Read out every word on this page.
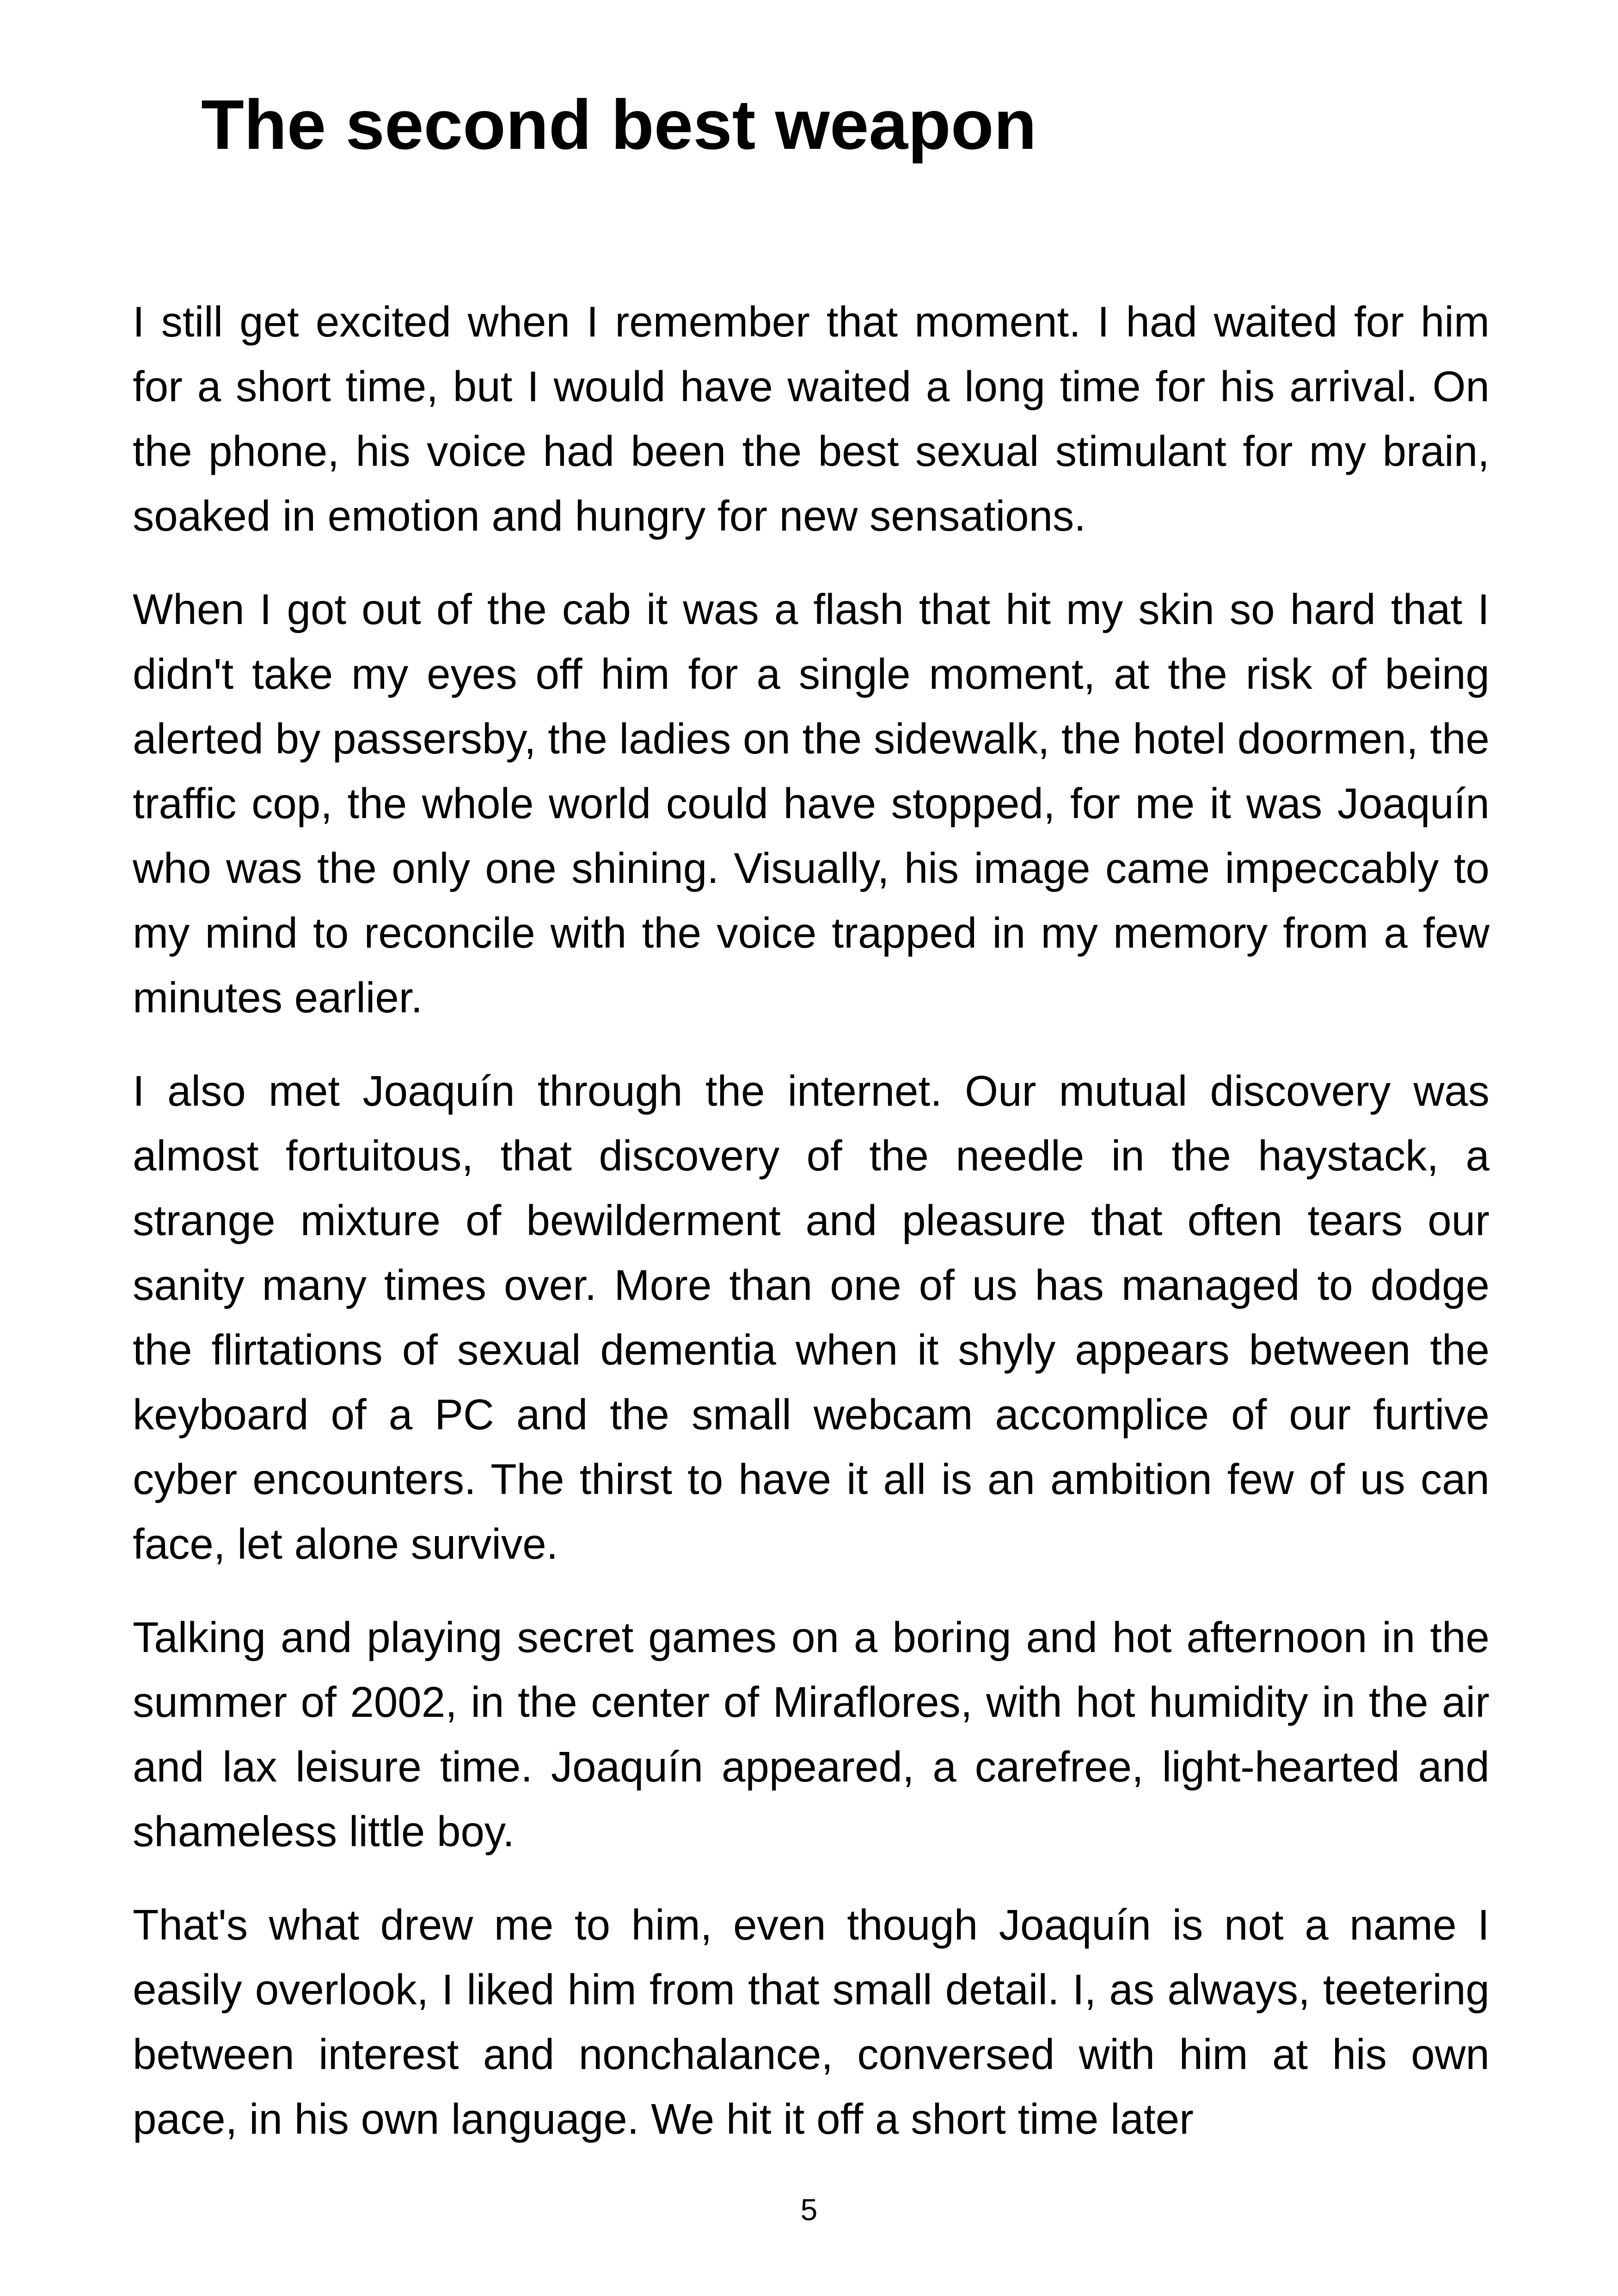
The second best weapon

I still get excited when I remember that moment. I had waited for him for a short time, but I would have waited a long time for his arrival. On the phone, his voice had been the best sexual stimulant for my brain, soaked in emotion and hungry for new sensations.

When I got out of the cab it was a flash that hit my skin so hard that I didn't take my eyes off him for a single moment, at the risk of being alerted by passersby, the ladies on the sidewalk, the hotel doormen, the traffic cop, the whole world could have stopped, for me it was Joaquín who was the only one shining. Visually, his image came impeccably to my mind to reconcile with the voice trapped in my memory from a few minutes earlier.

I also met Joaquín through the internet. Our mutual discovery was almost fortuitous, that discovery of the needle in the haystack, a strange mixture of bewilderment and pleasure that often tears our sanity many times over. More than one of us has managed to dodge the flirtations of sexual dementia when it shyly appears between the keyboard of a PC and the small webcam accomplice of our furtive cyber encounters. The thirst to have it all is an ambition few of us can face, let alone survive.

Talking and playing secret games on a boring and hot afternoon in the summer of 2002, in the center of Miraflores, with hot humidity in the air and lax leisure time. Joaquín appeared, a carefree, light-hearted and shameless little boy.

That's what drew me to him, even though Joaquín is not a name I easily overlook, I liked him from that small detail. I, as always, teetering between interest and nonchalance, conversed with him at his own pace, in his own language. We hit it off a short time later

5
